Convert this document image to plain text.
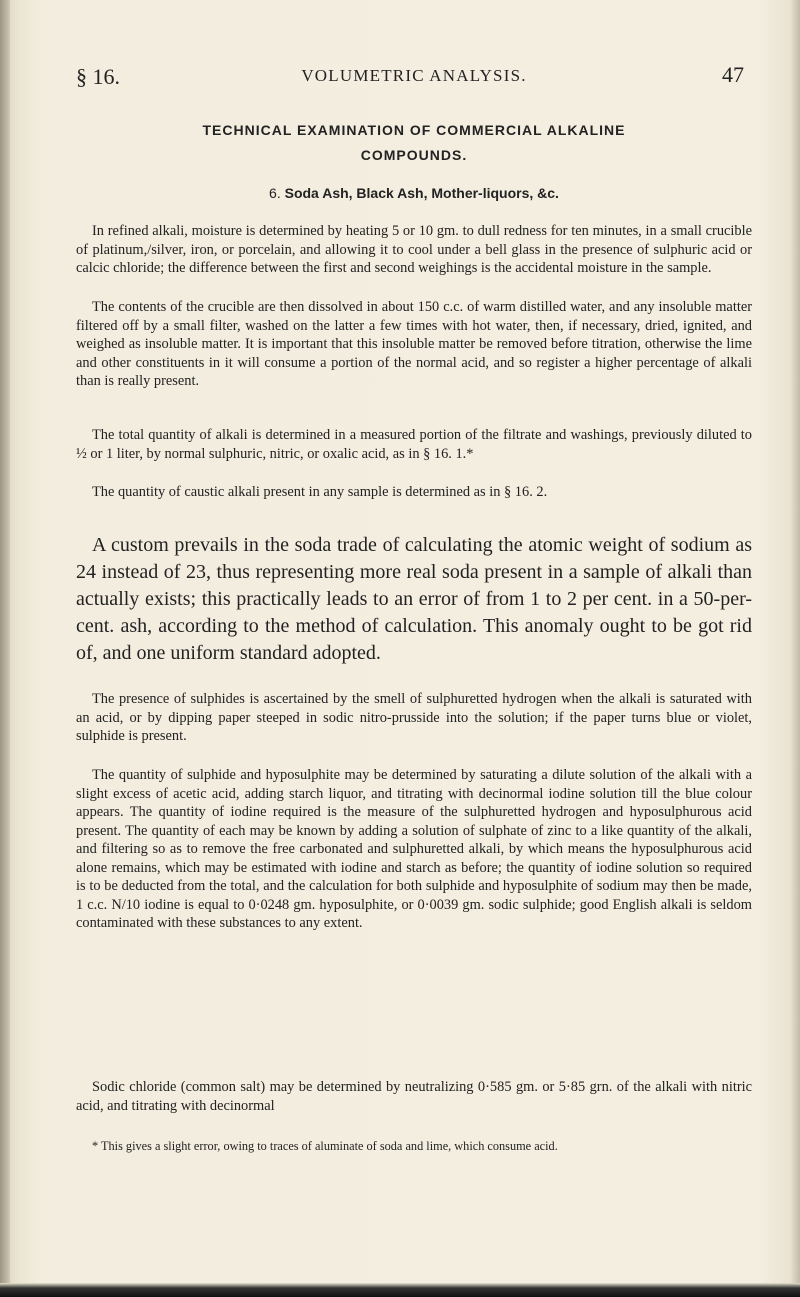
§ 16.	VOLUMETRIC ANALYSIS.	47
TECHNICAL EXAMINATION OF COMMERCIAL ALKALINE
COMPOUNDS.
6. Soda Ash, Black Ash, Mother-liquors, &c.

In refined alkali, moisture is determined by heating 5 or 10 gm. to dull redness for ten minutes, in a small crucible of platinum,/silver, iron, or porcelain, and allowing it to cool under a bell glass in the presence of sulphuric acid or calcic chloride; the difference between the first and second weighings is the accidental moisture in the sample.

The contents of the crucible are then dissolved in about 150 c.c. of warm distilled water, and any insoluble matter filtered off by a small filter, washed on the latter a few times with hot water, then, if necessary, dried, ignited, and weighed as insoluble matter. It is important that this insoluble matter be removed before titration, otherwise the lime and other constituents in it will consume a portion of the normal acid, and so register a higher percentage of alkali than is really present.

The total quantity of alkali is determined in a measured portion of the filtrate and washings, previously diluted to ½ or 1 liter, by normal sulphuric, nitric, or oxalic acid, as in § 16. 1.*

The quantity of caustic alkali present in any sample is determined as in § 16. 2.

A custom prevails in the soda trade of calculating the atomic weight of sodium as 24 instead of 23, thus representing more real soda present in a sample of alkali than actually exists; this practically leads to an error of from 1 to 2 per cent. in a 50-per-cent. ash, according to the method of calculation. This anomaly ought to be got rid of, and one uniform standard adopted.

The presence of sulphides is ascertained by the smell of sulphuretted hydrogen when the alkali is saturated with an acid, or by dipping paper steeped in sodic nitro-prusside into the solution; if the paper turns blue or violet, sulphide is present.

The quantity of sulphide and hyposulphite may be determined by saturating a dilute solution of the alkali with a slight excess of acetic acid, adding starch liquor, and titrating with decinormal iodine solution till the blue colour appears. The quantity of iodine required is the measure of the sulphuretted hydrogen and hyposulphurous acid present. The quantity of each may be known by adding a solution of sulphate of zinc to a like quantity of the alkali, and filtering so as to remove the free carbonated and sulphuretted alkali, by which means the hyposulphurous acid alone remains, which may be estimated with iodine and starch as before; the quantity of iodine solution so required is to be deducted from the total, and the calculation for both sulphide and hyposulphite of sodium may then be made, 1 c.c. N/10 iodine is equal to 0·0248 gm. hyposulphite, or 0·0039 gm. sodic sulphide; good English alkali is seldom contaminated with these substances to any extent.

Sodic chloride (common salt) may be determined by neutralizing 0·585 gm. or 5·85 grn. of the alkali with nitric acid, and titrating with decinormal

* This gives a slight error, owing to traces of aluminate of soda and lime, which consume acid.
